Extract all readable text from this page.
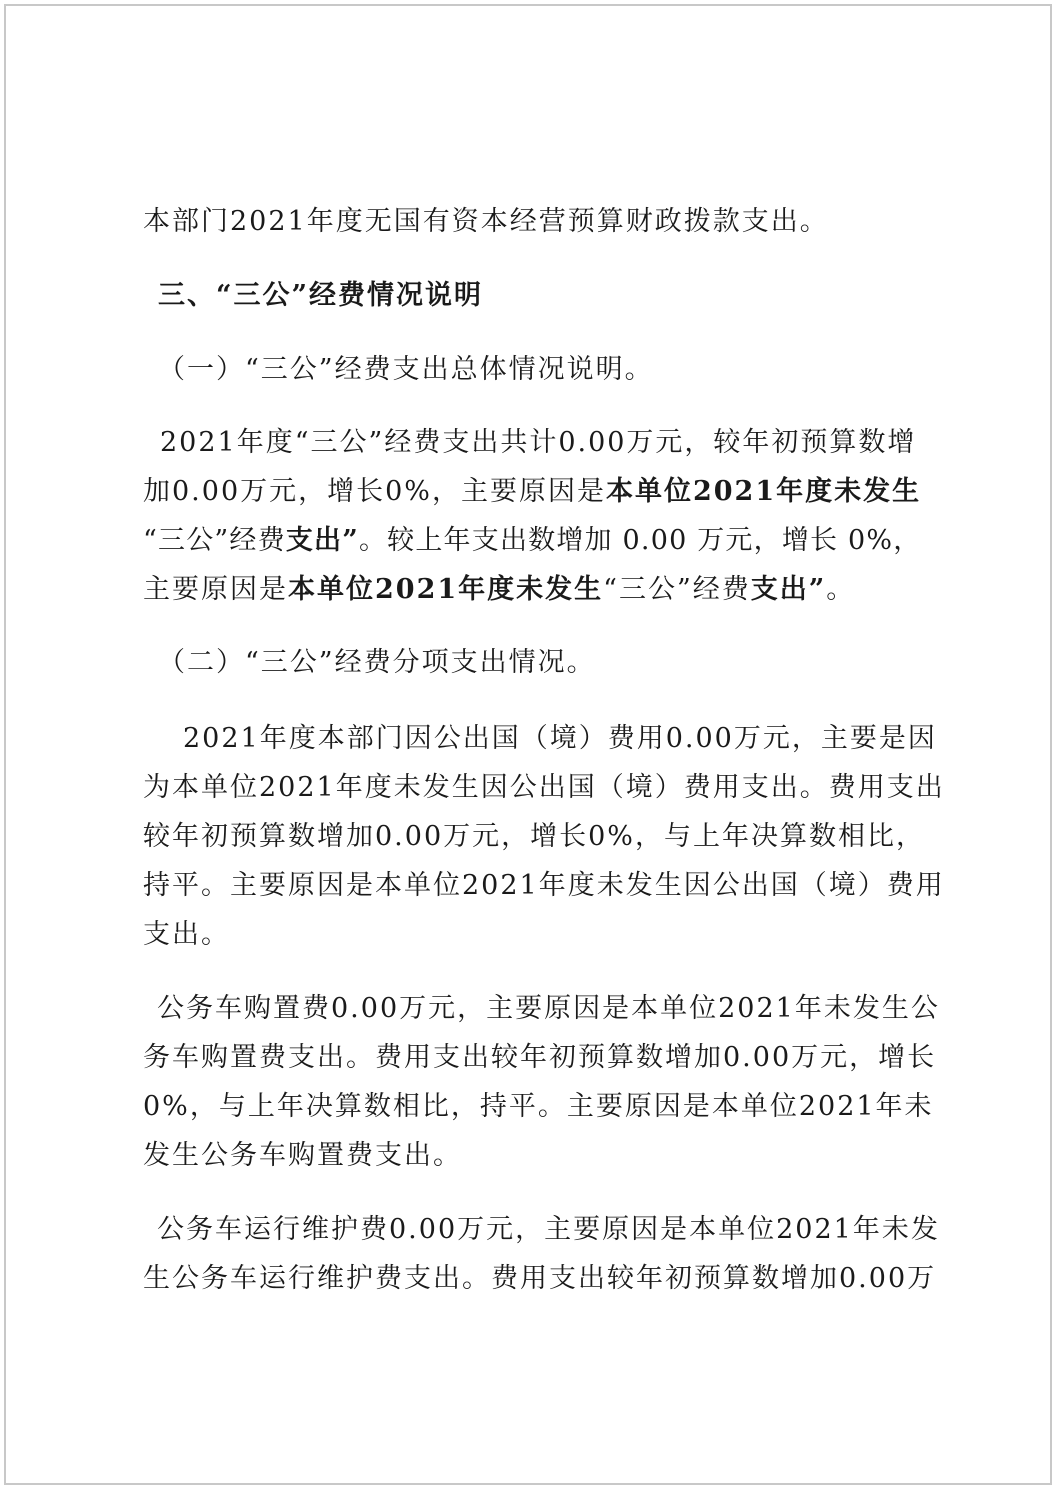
本部门2021年度无国有资本经营预算财政拨款支出。
三、“三公”经费情况说明
（一）“三公”经费支出总体情况说明。
2021年度“三公”经费支出共计0.00万元，较年初预算数增
加0.00万元，增长0%，主要原因是本单位2021年度未发生
“三公”经费支出”。较上年支出数增加 0.00 万元，增长 0%，
主要原因是本单位2021年度未发生“三公”经费支出”。
（二）“三公”经费分项支出情况。
2021年度本部门因公出国（境）费用0.00万元，主要是因
为本单位2021年度未发生因公出国（境）费用支出。费用支出
较年初预算数增加0.00万元，增长0%，与上年决算数相比，
持平。主要原因是本单位2021年度未发生因公出国（境）费用
支出。
公务车购置费0.00万元，主要原因是本单位2021年未发生公
务车购置费支出。费用支出较年初预算数增加0.00万元，增长
0%，与上年决算数相比，持平。主要原因是本单位2021年未
发生公务车购置费支出。
公务车运行维护费0.00万元，主要原因是本单位2021年未发
生公务车运行维护费支出。费用支出较年初预算数增加0.00万
